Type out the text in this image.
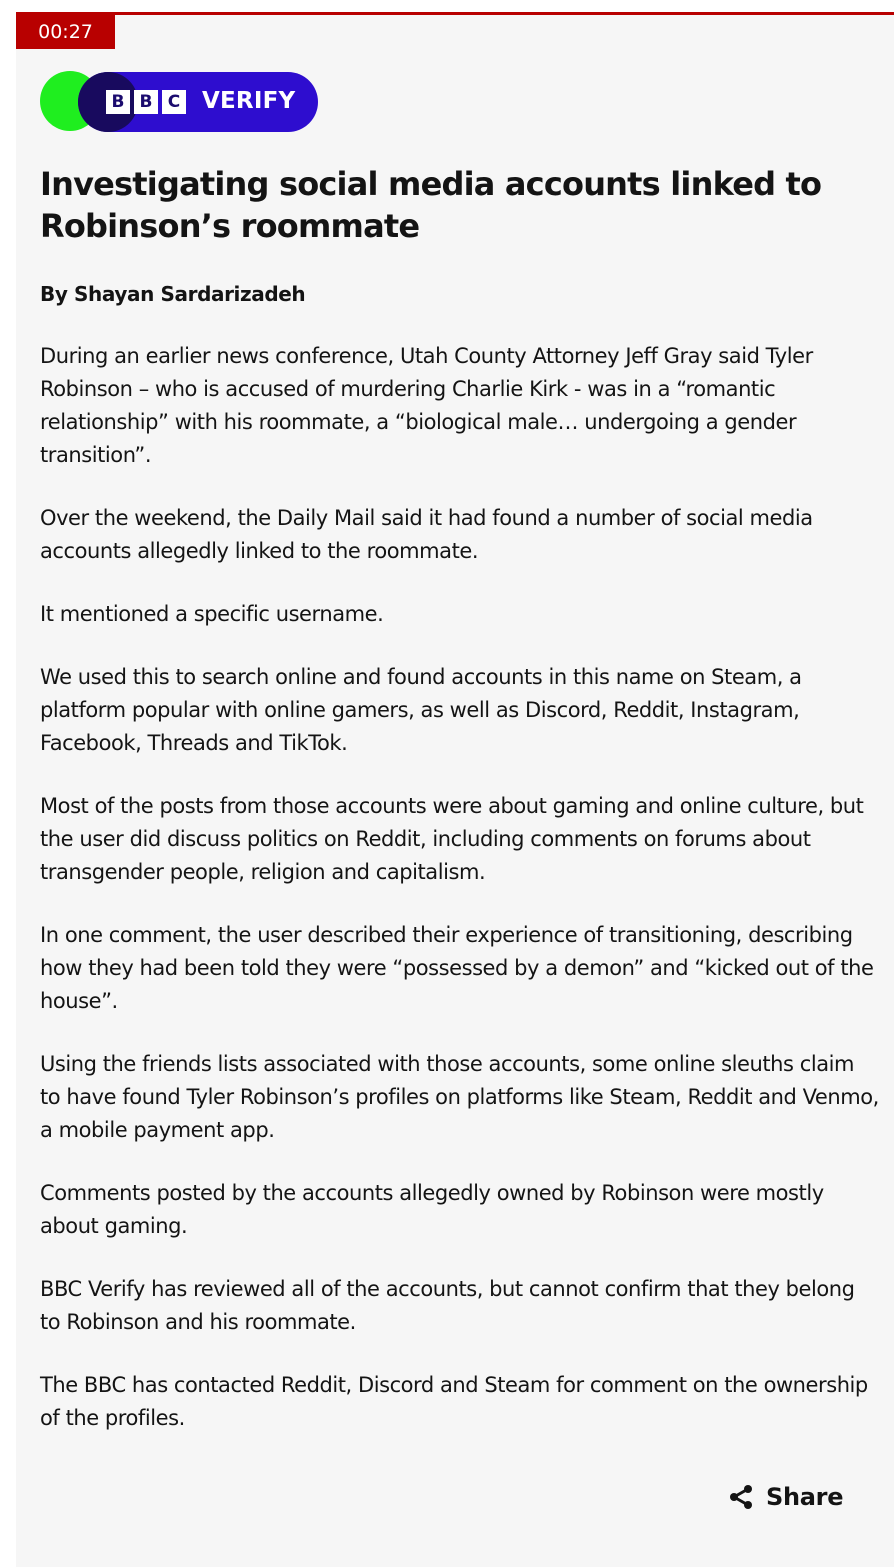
00:27
B B C VERIFY
Investigating social media accounts linked to Robinson’s roommate

By Shayan Sardarizadeh

During an earlier news conference, Utah County Attorney Jeff Gray said Tyler Robinson – who is accused of murdering Charlie Kirk - was in a “romantic relationship” with his roommate, a “biological male… undergoing a gender transition”.

Over the weekend, the Daily Mail said it had found a number of social media accounts allegedly linked to the roommate.

It mentioned a specific username.

We used this to search online and found accounts in this name on Steam, a platform popular with online gamers, as well as Discord, Reddit, Instagram, Facebook, Threads and TikTok.

Most of the posts from those accounts were about gaming and online culture, but the user did discuss politics on Reddit, including comments on forums about transgender people, religion and capitalism.

In one comment, the user described their experience of transitioning, describing how they had been told they were “possessed by a demon” and “kicked out of the house”.

Using the friends lists associated with those accounts, some online sleuths claim to have found Tyler Robinson’s profiles on platforms like Steam, Reddit and Venmo, a mobile payment app.

Comments posted by the accounts allegedly owned by Robinson were mostly about gaming.

BBC Verify has reviewed all of the accounts, but cannot confirm that they belong to Robinson and his roommate.

The BBC has contacted Reddit, Discord and Steam for comment on the ownership of the profiles.

Share
